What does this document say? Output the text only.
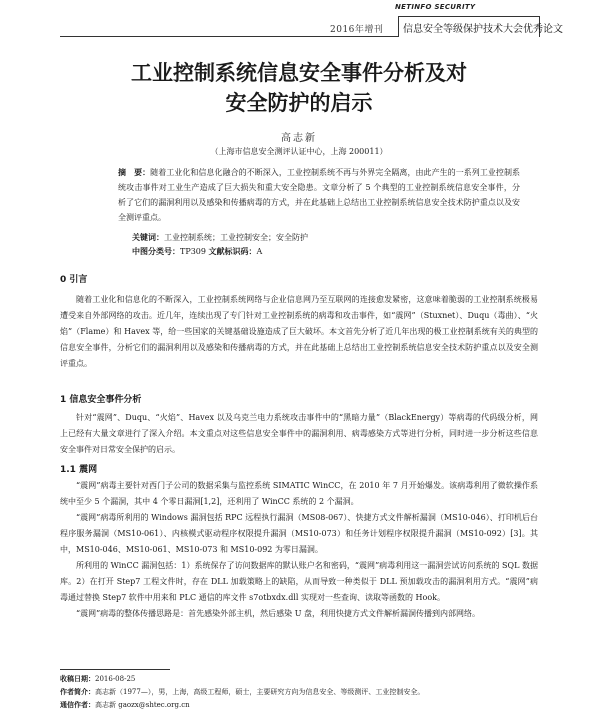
2016年增刊
NETINFO SECURITY
信息安全等级保护技术大会优秀论文
工业控制系统信息安全事件分析及对
安全防护的启示
高志新
（上海市信息安全测评认证中心，上海 200011）
摘　要：随着工业化和信息化融合的不断深入，工业控制系统不再与外界完全隔离，由此产生的一系列工业控制系统攻击事件对工业生产造成了巨大损失和重大安全隐患。文章分析了 5 个典型的工业控制系统信息安全事件，分析了它们的漏洞利用以及感染和传播病毒的方式，并在此基础上总结出工业控制系统信息安全技术防护重点以及安全测评重点。
关键词：工业控制系统；工业控制安全；安全防护
中图分类号：TP309 文献标识码：A
0 引言

随着工业化和信息化的不断深入，工业控制系统网络与企业信息网乃至互联网的连接愈发紧密，这意味着脆弱的工业控制系统极易遭受来自外部网络的攻击。近几年，连续出现了专门针对工业控制系统的病毒和攻击事件，如“震网”（Stuxnet）、Duqu（毒曲）、“火焰”（Flame）和 Havex 等，给一些国家的关键基础设施造成了巨大破坏。本文首先分析了近几年出现的极工业控制系统有关的典型的信息安全事件，分析它们的漏洞利用以及感染和传播病毒的方式，并在此基础上总结出工业控制系统信息安全技术防护重点以及安全测评重点。

1 信息安全事件分析

针对“震网”、Duqu、“火焰”、Havex 以及乌克兰电力系统攻击事件中的“黑暗力量”（BlackEnergy）等病毒的代码级分析，网上已经有大量文章进行了深入介绍。本文重点对这些信息安全事件中的漏洞利用、病毒感染方式等进行分析，同时进一步分析这些信息安全事件对日常安全保护的启示。

1.1 震网

“震网”病毒主要针对西门子公司的数据采集与监控系统 SIMATIC WinCC，在 2010 年 7 月开始爆发。该病毒利用了微软操作系统中至少 5 个漏洞，其中 4 个零日漏洞[1,2]，还利用了 WinCC 系统的 2 个漏洞。

“震网”病毒所利用的 Windows 漏洞包括 RPC 远程执行漏洞（MS08-067）、快捷方式文件解析漏洞（MS10-046）、打印机后台程序服务漏洞（MS10-061）、内核模式驱动程序权限提升漏洞（MS10-073）和任务计划程序权限提升漏洞（MS10-092）[3]。其中，MS10-046、MS10-061、MS10-073 和 MS10-092 为零日漏洞。

所利用的 WinCC 漏洞包括：1）系统保存了访问数据库的默认账户名和密码，“震网”病毒利用这一漏洞尝试访问系统的 SQL 数据库。2）在打开 Step7 工程文件时，存在 DLL 加载策略上的缺陷，从而导致一种类似于 DLL 预加载攻击的漏洞利用方式。“震网”病毒通过替换 Step7 软件中用来和 PLC 通信的库文件 s7otbxdx.dll 实现对一些查询、读取等函数的 Hook。

“震网”病毒的整体传播思路是：首先感染外部主机，然后感染 U 盘，利用快捷方式文件解析漏洞传播到内部网络。

收稿日期：2016-08-25
作者简介：高志新（1977—），男，上海，高级工程师，硕士，主要研究方向为信息安全、等级测评、工业控制安全。
通信作者：高志新 gaozx@shtec.org.cn
